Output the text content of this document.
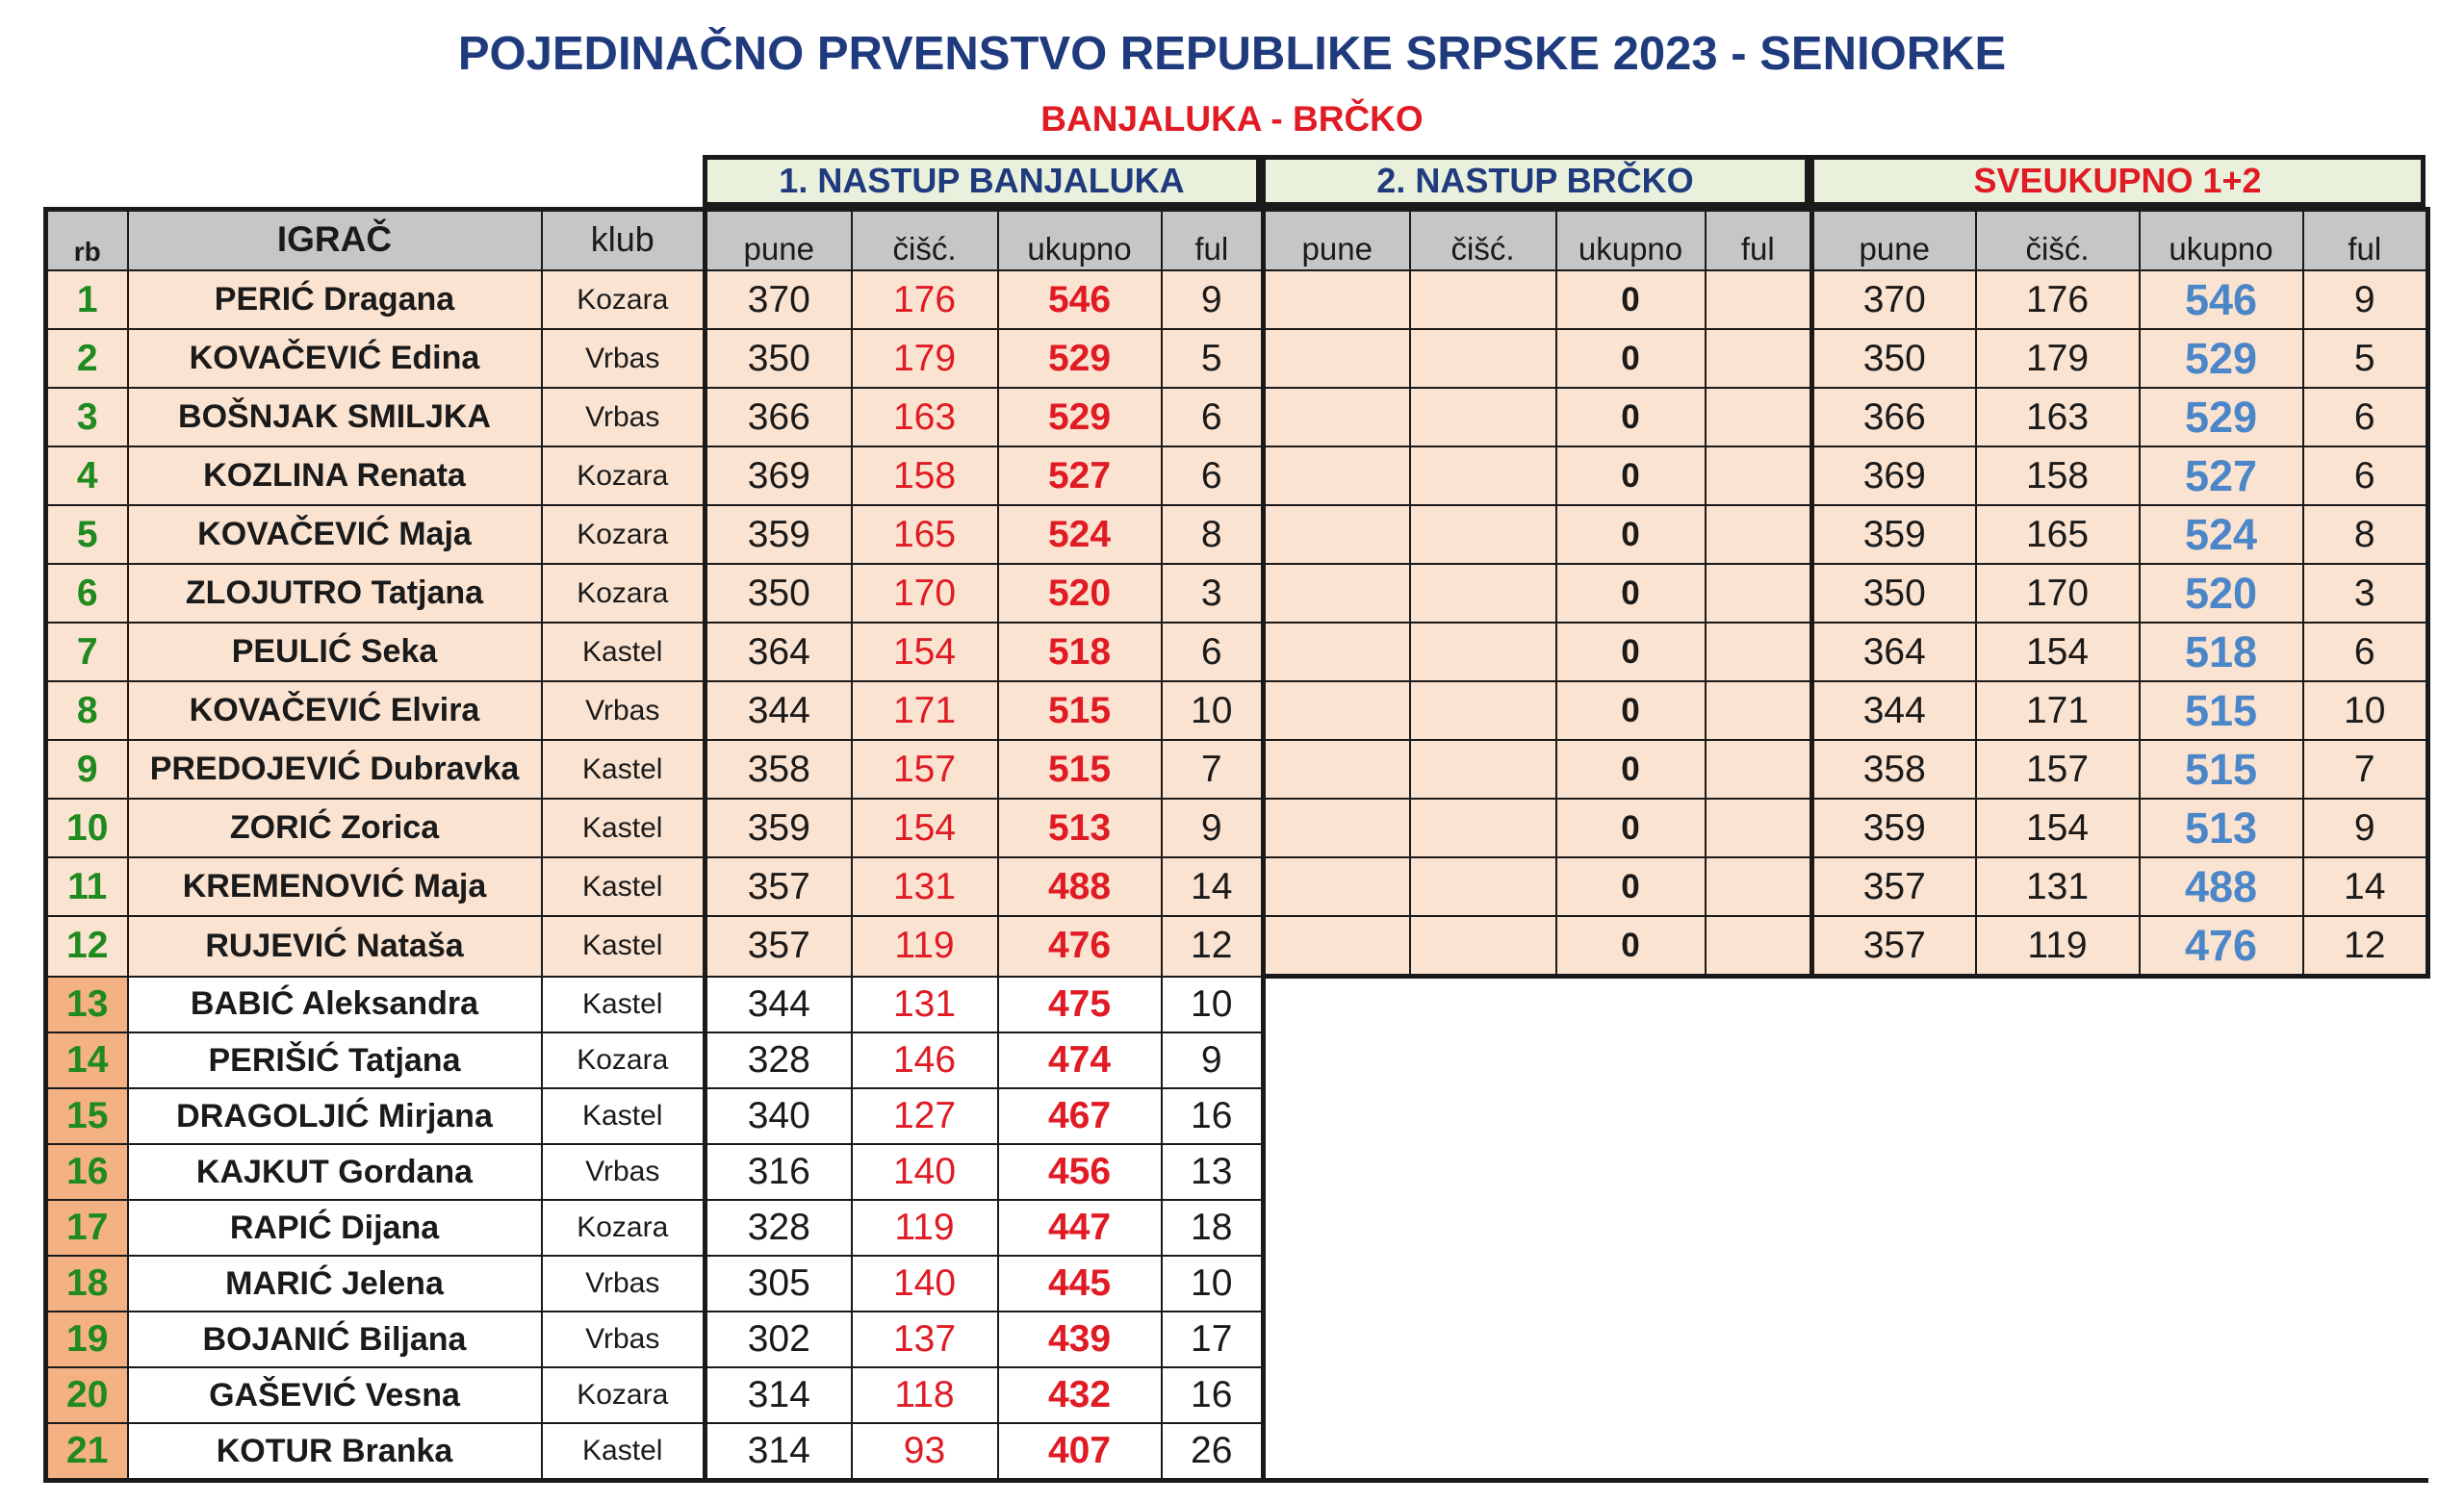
POJEDINAČNO PRVENSTVO REPUBLIKE SRPSKE 2023 - SENIORKE
BANJALUKA - BRČKO
1. NASTUP BANJALUKA	2. NASTUP BRČKO	SVEUKUPNO 1+2
rb	IGRAČ	klub	pune	čišć.	ukupno	ful	pune	čišć.	ukupno	ful	pune	čišć.	ukupno	ful
1	PERIĆ Dragana	Kozara	370	176	546	9			0		370	176	546	9
2	KOVAČEVIĆ Edina	Vrbas	350	179	529	5			0		350	179	529	5
3	BOŠNJAK SMILJKA	Vrbas	366	163	529	6			0		366	163	529	6
4	KOZLINA Renata	Kozara	369	158	527	6			0		369	158	527	6
5	KOVAČEVIĆ Maja	Kozara	359	165	524	8			0		359	165	524	8
6	ZLOJUTRO Tatjana	Kozara	350	170	520	3			0		350	170	520	3
7	PEULIĆ Seka	Kastel	364	154	518	6			0		364	154	518	6
8	KOVAČEVIĆ Elvira	Vrbas	344	171	515	10			0		344	171	515	10
9	PREDOJEVIĆ Dubravka	Kastel	358	157	515	7			0		358	157	515	7
10	ZORIĆ Zorica	Kastel	359	154	513	9			0		359	154	513	9
11	KREMENOVIĆ Maja	Kastel	357	131	488	14			0		357	131	488	14
12	RUJEVIĆ Nataša	Kastel	357	119	476	12			0		357	119	476	12
13	BABIĆ Aleksandra	Kastel	344	131	475	10								
14	PERIŠIĆ Tatjana	Kozara	328	146	474	9								
15	DRAGOLJIĆ Mirjana	Kastel	340	127	467	16								
16	KAJKUT Gordana	Vrbas	316	140	456	13								
17	RAPIĆ Dijana	Kozara	328	119	447	18								
18	MARIĆ Jelena	Vrbas	305	140	445	10								
19	BOJANIĆ Biljana	Vrbas	302	137	439	17								
20	GAŠEVIĆ Vesna	Kozara	314	118	432	16								
21	KOTUR Branka	Kastel	314	93	407	26								
